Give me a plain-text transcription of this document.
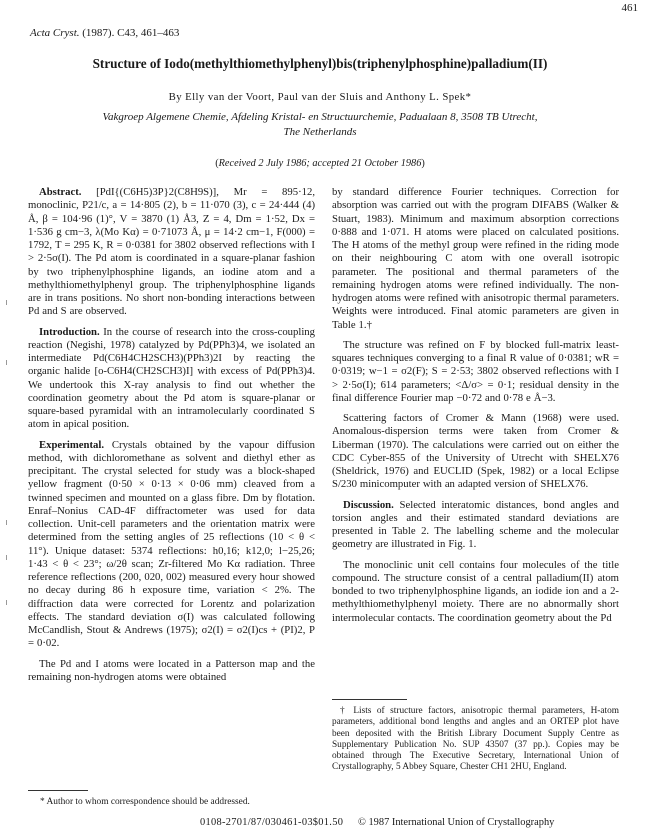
461
Acta Cryst. (1987). C43, 461–463
Structure of Iodo(methylthiomethylphenyl)bis(triphenylphosphine)palladium(II)
By Elly van der Voort, Paul van der Sluis and Anthony L. Spek*
Vakgroep Algemene Chemie, Afdeling Kristal- en Structuurchemie, Padualaan 8, 3508 TB Utrecht,
The Netherlands
(Received 2 July 1986; accepted 21 October 1986)

Abstract. [PdI{(C6H5)3P}2(C8H9S)], Mr = 895·12, monoclinic, P21/c, a = 14·805 (2), b = 11·070 (3), c = 24·444 (4) Å, β = 104·96 (1)°, V = 3870 (1) Å3, Z = 4, Dm = 1·52, Dx = 1·536 g cm−3, λ(Mo Kα) = 0·71073 Å, μ = 14·2 cm−1, F(000) = 1792, T = 295 K, R = 0·0381 for 3802 observed reflections with I > 2·5σ(I). The Pd atom is coordinated in a square-planar fashion by two triphenylphosphine ligands, an iodine atom and a methylthiomethylphenyl group. The triphenylphosphine ligands are in trans positions. No short non-bonding interactions between Pd and S are observed.

Introduction. In the course of research into the cross-coupling reaction (Negishi, 1978) catalyzed by Pd(PPh3)4, we isolated an intermediate Pd(C6H4CH2SCH3)(PPh3)2I by reacting the organic halide [o-C6H4(CH2SCH3)I] with excess of Pd(PPh3)4. We undertook this X-ray analysis to find out whether the coordination geometry about the Pd atom is square-planar or square-based pyramidal with an intramolecularly coordinated S atom in apical position.

Experimental. Crystals obtained by the vapour diffusion method, with dichloromethane as solvent and diethyl ether as precipitant. The crystal selected for study was a block-shaped yellow fragment (0·50 × 0·13 × 0·06 mm) cleaved from a twinned specimen and mounted on a glass fibre. Dm by flotation. Enraf–Nonius CAD-4F diffractometer was used for data collection. Unit-cell parameters and the orientation matrix were determined from the setting angles of 25 reflections (10 < θ < 11°). Unique dataset: 5374 reflections: h0,16; k12,0; l−25,26; 1·43 < θ < 23°; ω/2θ scan; Zr-filtered Mo Kα radiation. Three reference reflections (200, 020, 002) measured every hour showed no decay during 86 h exposure time, variation < 2%. The diffraction data were corrected for Lorentz and polarization effects. The standard deviation σ(I) was calculated following McCandlish, Stout & Andrews (1975); σ2(I) = σ2(I)cs + (PI)2, P = 0·02.

The Pd and I atoms were located in a Patterson map and the remaining non-hydrogen atoms were obtained

by standard difference Fourier techniques. Correction for absorption was carried out with the program DIFABS (Walker & Stuart, 1983). Minimum and maximum absorption corrections 0·888 and 1·071. H atoms were placed on calculated positions. The H atoms of the methyl group were refined in the riding mode on their neighbouring C atom with one overall isotropic parameter. The positional and thermal parameters of the remaining hydrogen atoms were refined individually. The non-hydrogen atoms were refined with anisotropic thermal parameters. Weights were introduced. Final atomic parameters are given in Table 1.†

The structure was refined on F by blocked full-matrix least-squares techniques converging to a final R value of 0·0381; wR = 0·0319; w−1 = σ2(F); S = 2·53; 3802 observed reflections with I > 2·5σ(I); 614 parameters; <Δ/σ> = 0·1; residual density in the final difference Fourier map −0·72 and 0·78 e Å−3.

Scattering factors of Cromer & Mann (1968) were used. Anomalous-dispersion terms were taken from Cromer & Liberman (1970). The calculations were carried out on either the CDC Cyber-855 of the University of Utrecht with SHELX76 (Sheldrick, 1976) and EUCLID (Spek, 1982) or a local Eclipse S/230 minicomputer with an adapted version of SHELX76.

Discussion. Selected interatomic distances, bond angles and torsion angles and their estimated standard deviations are presented in Table 2. The labelling scheme and the molecular geometry are illustrated in Fig. 1.

The monoclinic unit cell contains four molecules of the title compound. The structure consist of a central palladium(II) atom bonded to two triphenylphosphine ligands, an iodide ion and a 2-methylthiomethylphenyl moiety. There are no abnormally short intermolecular contacts. The coordination geometry about the Pd

† Lists of structure factors, anisotropic thermal parameters, H-atom parameters, additional bond lengths and angles and an ORTEP plot have been deposited with the British Library Document Supply Centre as Supplementary Publication No. SUP 43507 (37 pp.). Copies may be obtained through The Executive Secretary, International Union of Crystallography, 5 Abbey Square, Chester CH1 2HU, England.

* Author to whom correspondence should be addressed.
0108-2701/87/030461-03$01.50 © 1987 International Union of Crystallography
